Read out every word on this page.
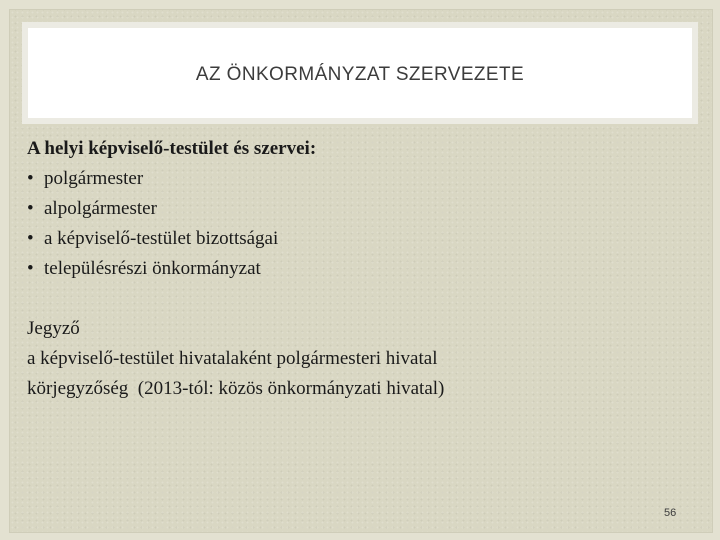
AZ ÖNKORMÁNYZAT SZERVEZETE
A helyi képviselő-testület és szervei:
• polgármester
• alpolgármester
• a képviselő-testület bizottságai
• településrészi önkormányzat
Jegyző
a képviselő-testület hivatalaként polgármesteri hivatal
körjegyzőség  (2013-tól: közös önkormányzati hivatal)
56
